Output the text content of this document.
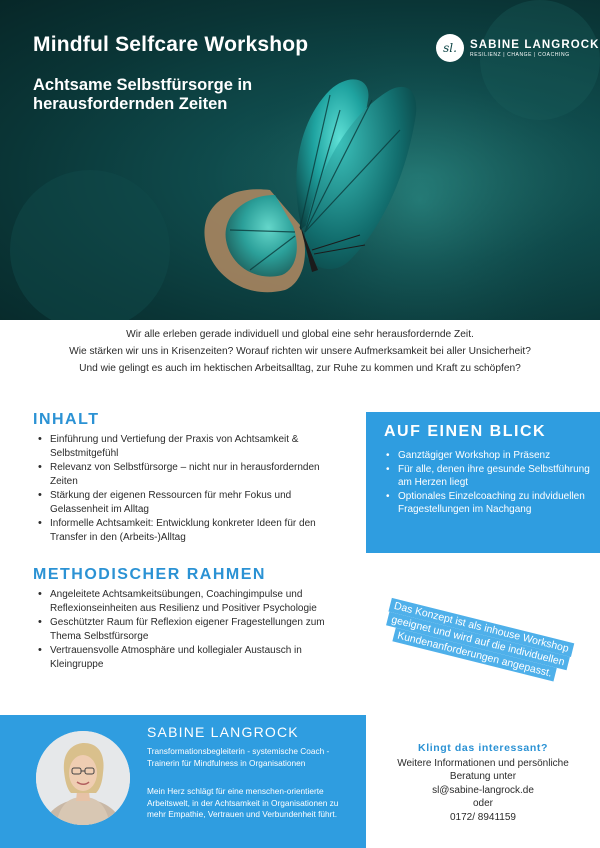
Mindful Selfcare Workshop
Achtsame Selbstfürsorge in herausfordernden Zeiten
sl.	SABINE LANGROCK
RESILIENZ | CHANGE | COACHING
Wir alle erleben gerade individuell und global eine sehr herausfordernde Zeit.
Wie stärken wir uns in Krisenzeiten? Worauf richten wir unsere Aufmerksamkeit bei aller Unsicherheit? Und wie gelingt es auch im hektischen Arbeitsalltag, zur Ruhe zu kommen und Kraft zu schöpfen?
INHALT
• Einführung und Vertiefung der Praxis von Achtsamkeit & Selbstmitgefühl
• Relevanz von Selbstfürsorge – nicht nur in herausfordernden Zeiten
• Stärkung der eigenen Ressourcen für mehr Fokus und Gelassenheit im Alltag
• Informelle Achtsamkeit: Entwicklung konkreter Ideen für den Transfer in den (Arbeits-)Alltag
AUF EINEN BLICK
• Ganztägiger Workshop in Präsenz
• Für alle, denen ihre gesunde Selbstführung am Herzen liegt
• Optionales Einzelcoaching zu indviduellen Fragestellungen im Nachgang
METHODISCHER RAHMEN
• Angeleitete Achtsamkeitsübungen, Coachingimpulse und Reflexionseinheiten aus Resilienz und Positiver Psychologie
• Geschützter Raum für Reflexion eigener Fragestellungen zum Thema Selbstfürsorge
• Vertrauensvolle Atmosphäre und kollegialer Austausch in Kleingruppe
Das Konzept ist als inhouse Workshop geeignet und wird auf die individuellen Kundenanforderungen angepasst.
SABINE LANGROCK
Transformationsbegleiterin - systemische Coach - Trainerin für Mindfulness in Organisationen
Mein Herz schlägt für eine menschen-orientierte Arbeitswelt, in der Achtsamkeit in Organisationen zu mehr Empathie, Vertrauen und Verbundenheit führt.
Klingt das interessant?
Weitere Informationen und persönliche Beratung unter
sl@sabine-langrock.de
oder
0172/ 8941159
